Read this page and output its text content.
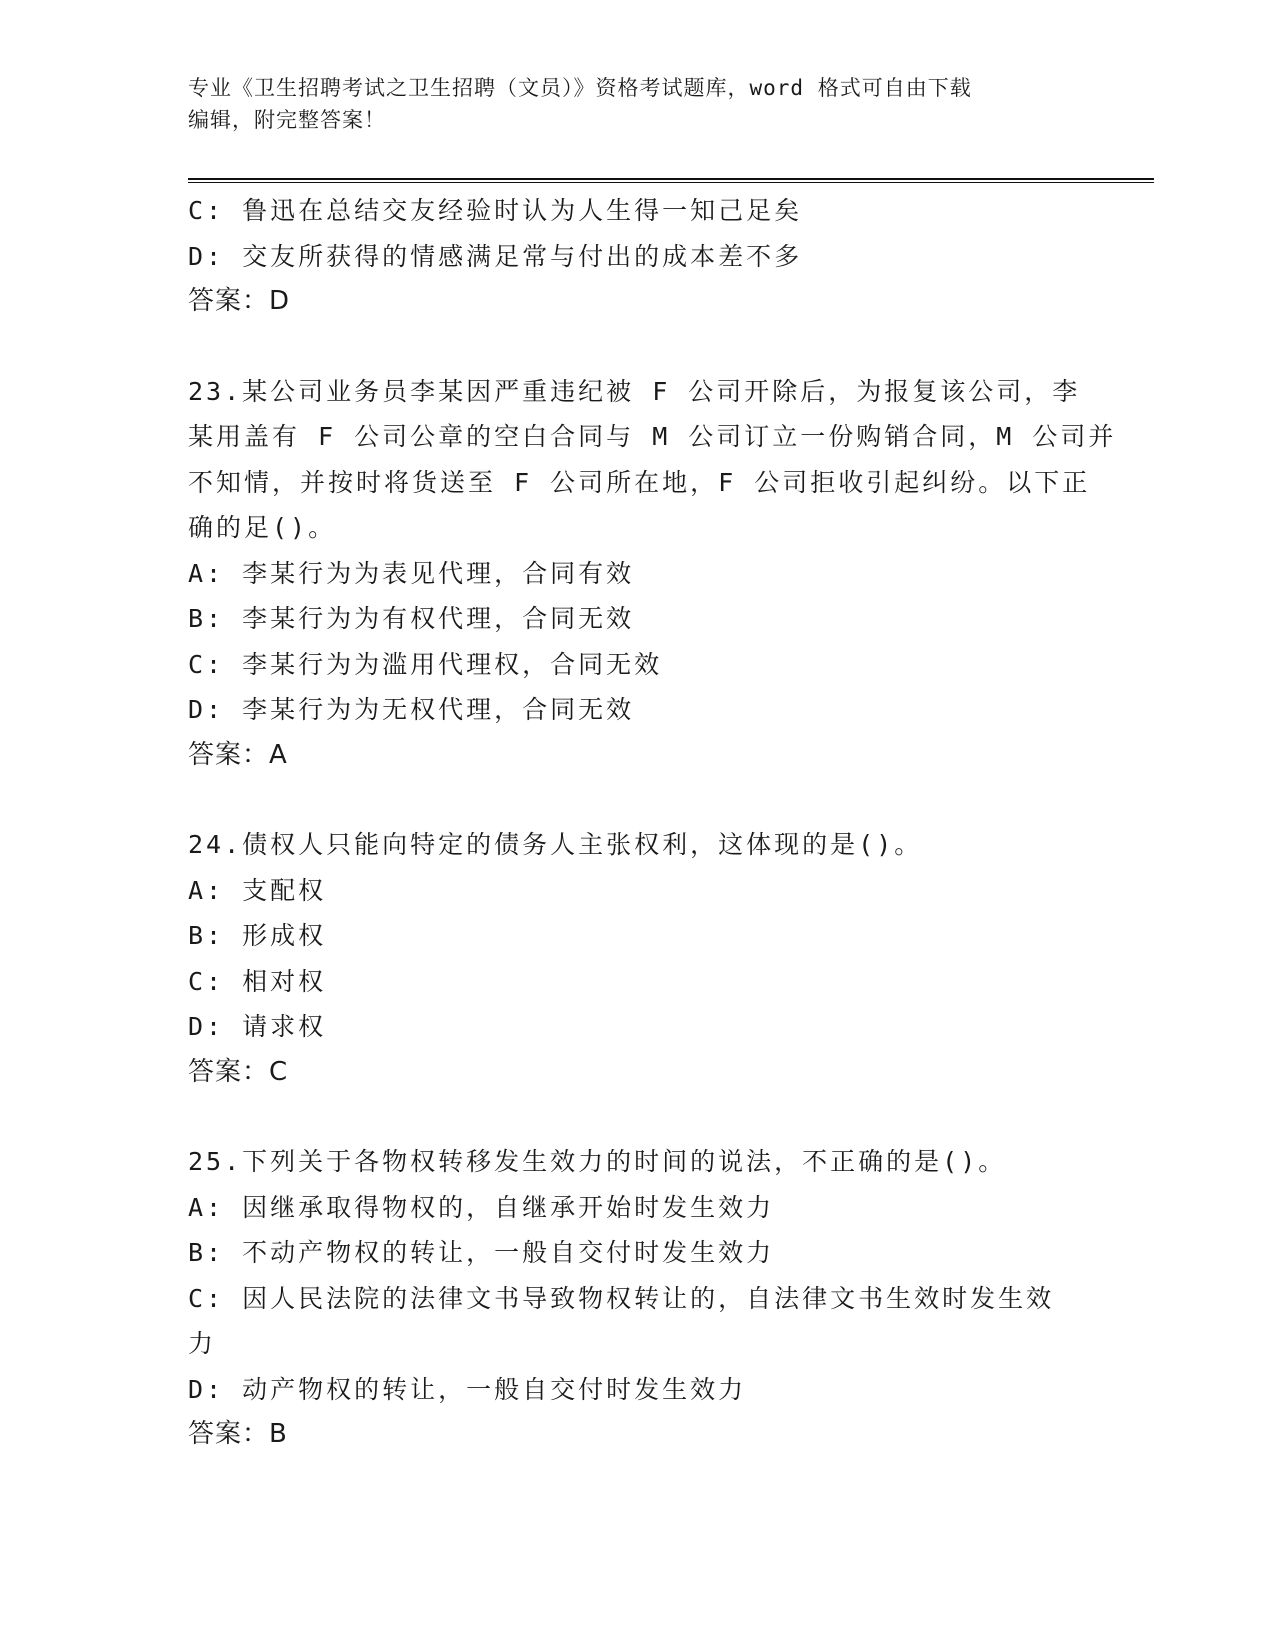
专业《卫生招聘考试之卫生招聘（文员）》资格考试题库，word 格式可自由下载
编辑，附完整答案！
C: 鲁迅在总结交友经验时认为人生得一知己足矣
D: 交友所获得的情感满足常与付出的成本差不多
答案：D
23.某公司业务员李某因严重违纪被 F 公司开除后，为报复该公司，李
某用盖有 F 公司公章的空白合同与 M 公司订立一份购销合同，M 公司并
不知情，并按时将货送至 F 公司所在地，F 公司拒收引起纠纷。以下正
确的足()。
A: 李某行为为表见代理，合同有效
B: 李某行为为有权代理，合同无效
C: 李某行为为滥用代理权，合同无效
D: 李某行为为无权代理，合同无效
答案：A
24.债权人只能向特定的债务人主张权利，这体现的是()。
A: 支配权
B: 形成权
C: 相对权
D: 请求权
答案：C
25.下列关于各物权转移发生效力的时间的说法，不正确的是()。
A: 因继承取得物权的，自继承开始时发生效力
B: 不动产物权的转让，一般自交付时发生效力
C: 因人民法院的法律文书导致物权转让的，自法律文书生效时发生效
力
D: 动产物权的转让，一般自交付时发生效力
答案：B
